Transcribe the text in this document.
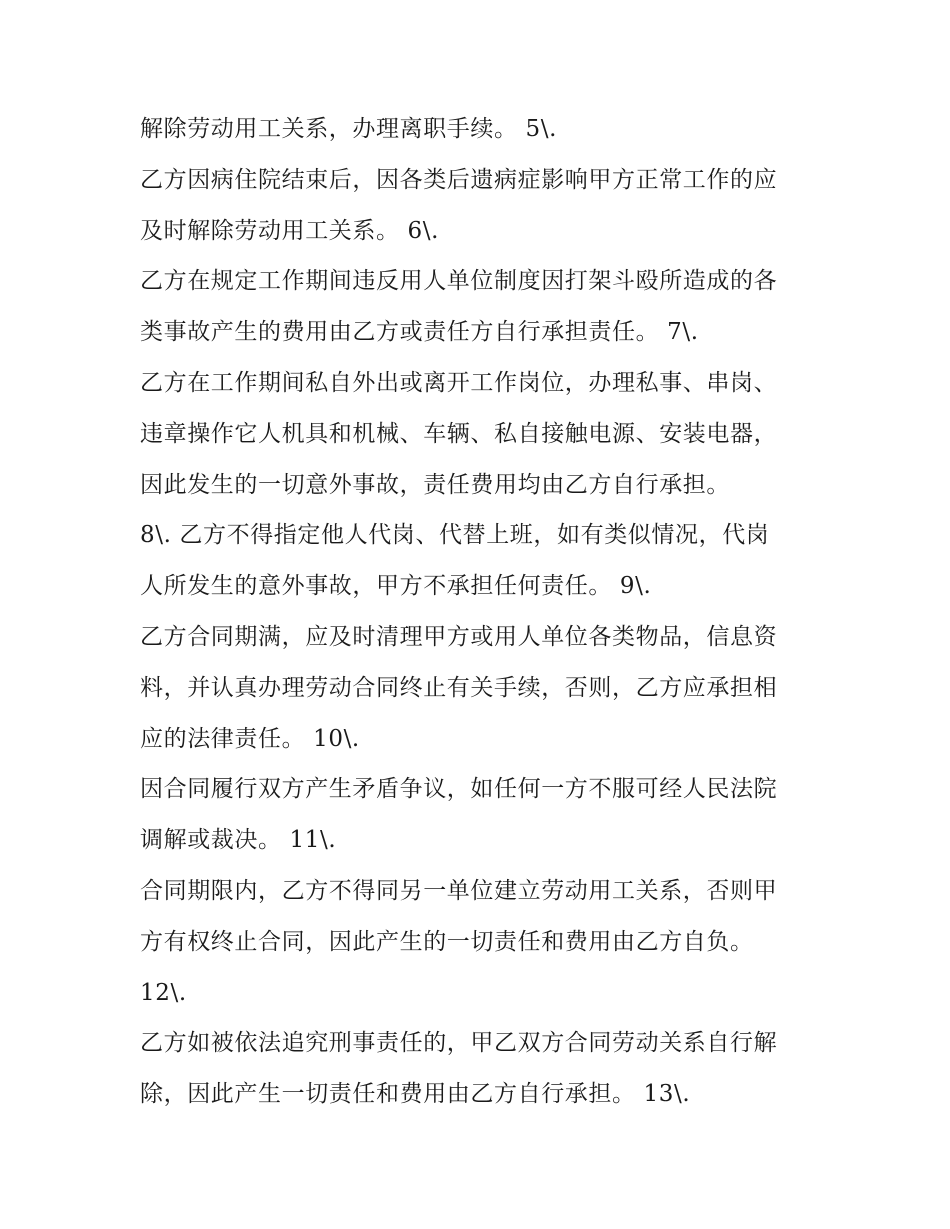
解除劳动用工关系，办理离职手续。 5\.
乙方因病住院结束后，因各类后遗病症影响甲方正常工作的应
及时解除劳动用工关系。 6\.
乙方在规定工作期间违反用人单位制度因打架斗殴所造成的各
类事故产生的费用由乙方或责任方自行承担责任。 7\.
乙方在工作期间私自外出或离开工作岗位，办理私事、串岗、
违章操作它人机具和机械、车辆、私自接触电源、安装电器，
因此发生的一切意外事故，责任费用均由乙方自行承担。
8\. 乙方不得指定他人代岗、代替上班，如有类似情况，代岗
人所发生的意外事故，甲方不承担任何责任。 9\.
乙方合同期满，应及时清理甲方或用人单位各类物品，信息资
料，并认真办理劳动合同终止有关手续，否则，乙方应承担相
应的法律责任。 10\.
因合同履行双方产生矛盾争议，如任何一方不服可经人民法院
调解或裁决。 11\.
合同期限内，乙方不得同另一单位建立劳动用工关系，否则甲
方有权终止合同，因此产生的一切责任和费用由乙方自负。
12\.
乙方如被依法追究刑事责任的，甲乙双方合同劳动关系自行解
除，因此产生一切责任和费用由乙方自行承担。 13\.
